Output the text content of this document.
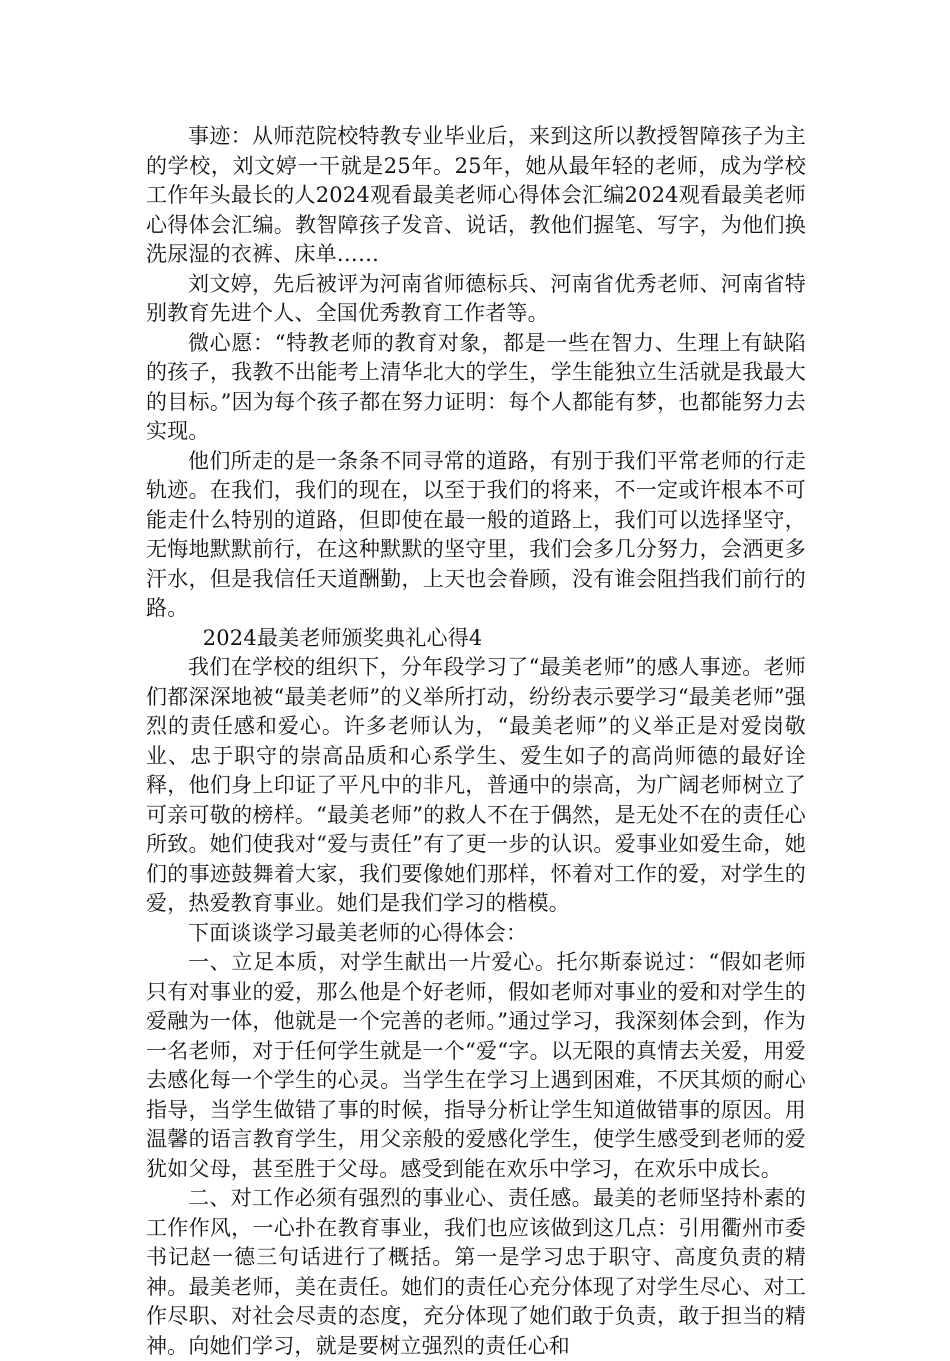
事迹：从师范院校特教专业毕业后，来到这所以教授智障孩子为主的学校，刘文婷一干就是25年。25年，她从最年轻的老师，成为学校工作年头最长的人2024观看最美老师心得体会汇编2024观看最美老师心得体会汇编。教智障孩子发音、说话，教他们握笔、写字，为他们换洗尿湿的衣裤、床单……

刘文婷，先后被评为河南省师德标兵、河南省优秀老师、河南省特别教育先进个人、全国优秀教育工作者等。

微心愿：“特教老师的教育对象，都是一些在智力、生理上有缺陷的孩子，我教不出能考上清华北大的学生，学生能独立生活就是我最大的目标。”因为每个孩子都在努力证明：每个人都能有梦，也都能努力去实现。

他们所走的是一条条不同寻常的道路，有别于我们平常老师的行走轨迹。在我们，我们的现在，以至于我们的将来，不一定或许根本不可能走什么特别的道路，但即使在最一般的道路上，我们可以选择坚守，无悔地默默前行，在这种默默的坚守里，我们会多几分努力，会洒更多汗水，但是我信任天道酬勤，上天也会眷顾，没有谁会阻挡我们前行的路。

2024最美老师颁奖典礼心得4

我们在学校的组织下，分年段学习了“最美老师”的感人事迹。老师们都深深地被“最美老师”的义举所打动，纷纷表示要学习“最美老师”强烈的责任感和爱心。许多老师认为，“最美老师”的义举正是对爱岗敬业、忠于职守的崇高品质和心系学生、爱生如子的高尚师德的最好诠释，他们身上印证了平凡中的非凡，普通中的崇高，为广阔老师树立了可亲可敬的榜样。“最美老师”的救人不在于偶然，是无处不在的责任心所致。她们使我对“爱与责任”有了更一步的认识。爱事业如爱生命，她们的事迹鼓舞着大家，我们要像她们那样，怀着对工作的爱，对学生的爱，热爱教育事业。她们是我们学习的楷模。

下面谈谈学习最美老师的心得体会：

一、立足本质，对学生献出一片爱心。托尔斯泰说过：“假如老师只有对事业的爱，那么他是个好老师，假如老师对事业的爱和对学生的爱融为一体，他就是一个完善的老师。”通过学习，我深刻体会到，作为一名老师，对于任何学生就是一个“爱“字。以无限的真情去关爱，用爱去感化每一个学生的心灵。当学生在学习上遇到困难，不厌其烦的耐心指导，当学生做错了事的时候，指导分析让学生知道做错事的原因。用温馨的语言教育学生，用父亲般的爱感化学生，使学生感受到老师的爱犹如父母，甚至胜于父母。感受到能在欢乐中学习，在欢乐中成长。

二、对工作必须有强烈的事业心、责任感。最美的老师坚持朴素的工作作风，一心扑在教育事业，我们也应该做到这几点：引用衢州市委书记赵一德三句话进行了概括。第一是学习忠于职守、高度负责的精神。最美老师，美在责任。她们的责任心充分体现了对学生尽心、对工作尽职、对社会尽责的态度，充分体现了她们敢于负责，敢于担当的精神。向她们学习，就是要树立强烈的责任心和
